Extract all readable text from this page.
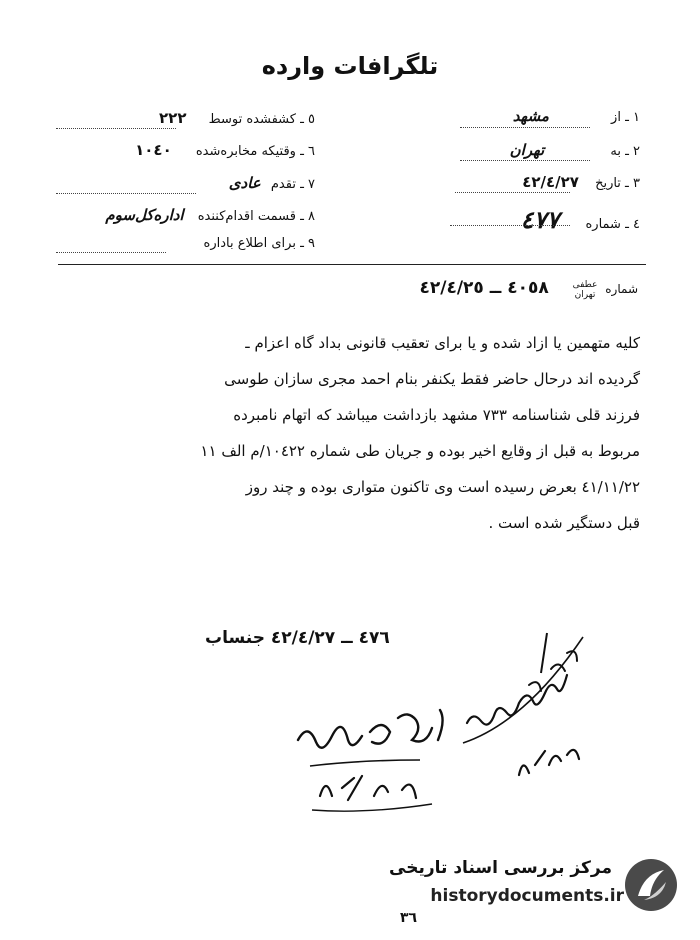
تلگرافات وارده
١ ـ از مشهد
٢ ـ به تهران
٣ ـ تاریخ ٤٢/٤/٢٧
٤ ـ شماره ٤٧٧
٥ ـ کشفشده توسط ٢٢٢
٦ ـ وقتیکه مخابره‌شده ١٠٤٠
٧ ـ تقدم عادی
٨ ـ قسمت اقدام‌کننده اداره‌کل‌سوم
٩ ـ برای اطلاع باداره
شماره عطفی
تهران ٤٠٥٨ ــ ٤٢/٤/٢٥

کلیه متهمین یا ازاد شده و یا برای تعقیب قانونی بداد گاه اعزام ـ

گردیده اند درحال حاضر فقط یکنفر بنام احمد مجری سازان طوسی

فرزند قلی شناسنامه ٧٣٣ مشهد بازداشت میباشد که اتهام نامبرده

مربوط به قبل از وقایع اخیر بوده و جریان طی شماره ١٠٤٢٢/م الف ١١

٤١/١١/٢٢ بعرض رسیده است وی تاکنون متواری بوده و چند روز

قبل دستگیر شده است .

٤٧٦ ــ ٤٢/٤/٢٧ جنساب
مرکز بررسی اسناد تاریخی
historydocuments.ir
٣٦
